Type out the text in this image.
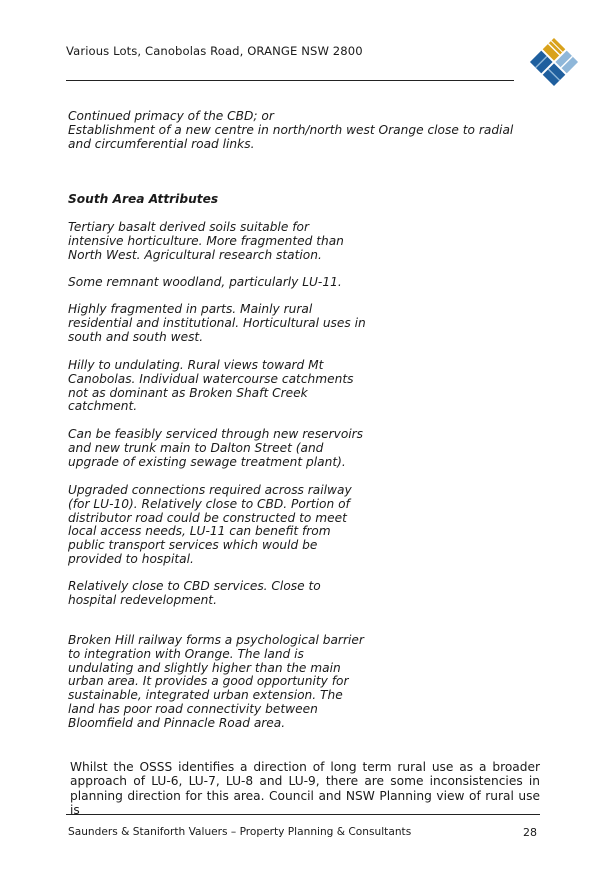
Various Lots, Canobolas Road, ORANGE NSW 2800

Continued primacy of the CBD; or

Establishment of a new centre in north/north west Orange close to radial and circumferential road links.

South Area Attributes

Tertiary basalt derived soils suitable for intensive horticulture. More fragmented than North West. Agricultural research station.

Some remnant woodland, particularly LU-11.

Highly fragmented in parts. Mainly rural residential and institutional. Horticultural uses in south and south west.

Hilly to undulating. Rural views toward Mt Canobolas. Individual watercourse catchments not as dominant as Broken Shaft Creek catchment.

Can be feasibly serviced through new reservoirs and new trunk main to Dalton Street (and upgrade of existing sewage treatment plant).

Upgraded connections required across railway (for LU-10). Relatively close to CBD. Portion of distributor road could be constructed to meet local access needs, LU-11 can benefit from public transport services which would be provided to hospital.

Relatively close to CBD services. Close to hospital redevelopment.

Broken Hill railway forms a psychological barrier to integration with Orange. The land is undulating and slightly higher than the main urban area. It provides a good opportunity for sustainable, integrated urban extension. The land has poor road connectivity between Bloomfield and Pinnacle Road area.

Whilst the OSSS identifies a direction of long term rural use as a broader approach of LU-6, LU-7, LU-8 and LU-9, there are some inconsistencies in planning direction for this area. Council and NSW Planning view of rural use is
Saunders & Staniforth Valuers – Property Planning & Consultants	28
